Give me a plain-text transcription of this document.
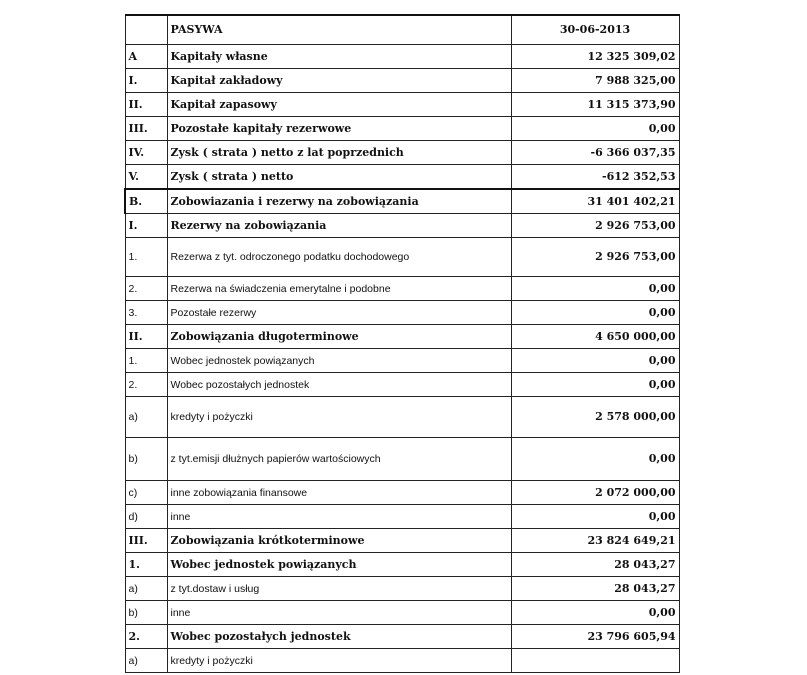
	PASYWA	30-06-2013
A	Kapitały własne	12 325 309,02
I.	Kapitał zakładowy	7 988 325,00
II.	Kapitał zapasowy	11 315 373,90
III.	Pozostałe kapitały rezerwowe	0,00
IV.	Zysk ( strata ) netto z lat poprzednich	-6 366 037,35
V.	Zysk ( strata ) netto	-612 352,53
B.	Zobowiazania i rezerwy na zobowiązania	31 401 402,21
I.	Rezerwy na zobowiązania	2 926 753,00
1.	Rezerwa z tyt. odroczonego podatku dochodowego	2 926 753,00
2.	Rezerwa na świadczenia emerytalne i podobne	0,00
3.	Pozostałe rezerwy	0,00
II.	Zobowiązania długoterminowe	4 650 000,00
1.	Wobec jednostek powiązanych	0,00
2.	Wobec pozostałych jednostek	0,00
a)	kredyty i pożyczki	2 578 000,00
b)	z tyt.emisji dłużnych papierów wartościowych	0,00
c)	inne zobowiązania finansowe	2 072 000,00
d)	inne	0,00
III.	Zobowiązania krótkoterminowe	23 824 649,21
1.	Wobec jednostek powiązanych	28 043,27
a)	z tyt.dostaw i usług	28 043,27
b)	inne	0,00
2.	Wobec pozostałych jednostek	23 796 605,94
a)	kredyty i pożyczki	
